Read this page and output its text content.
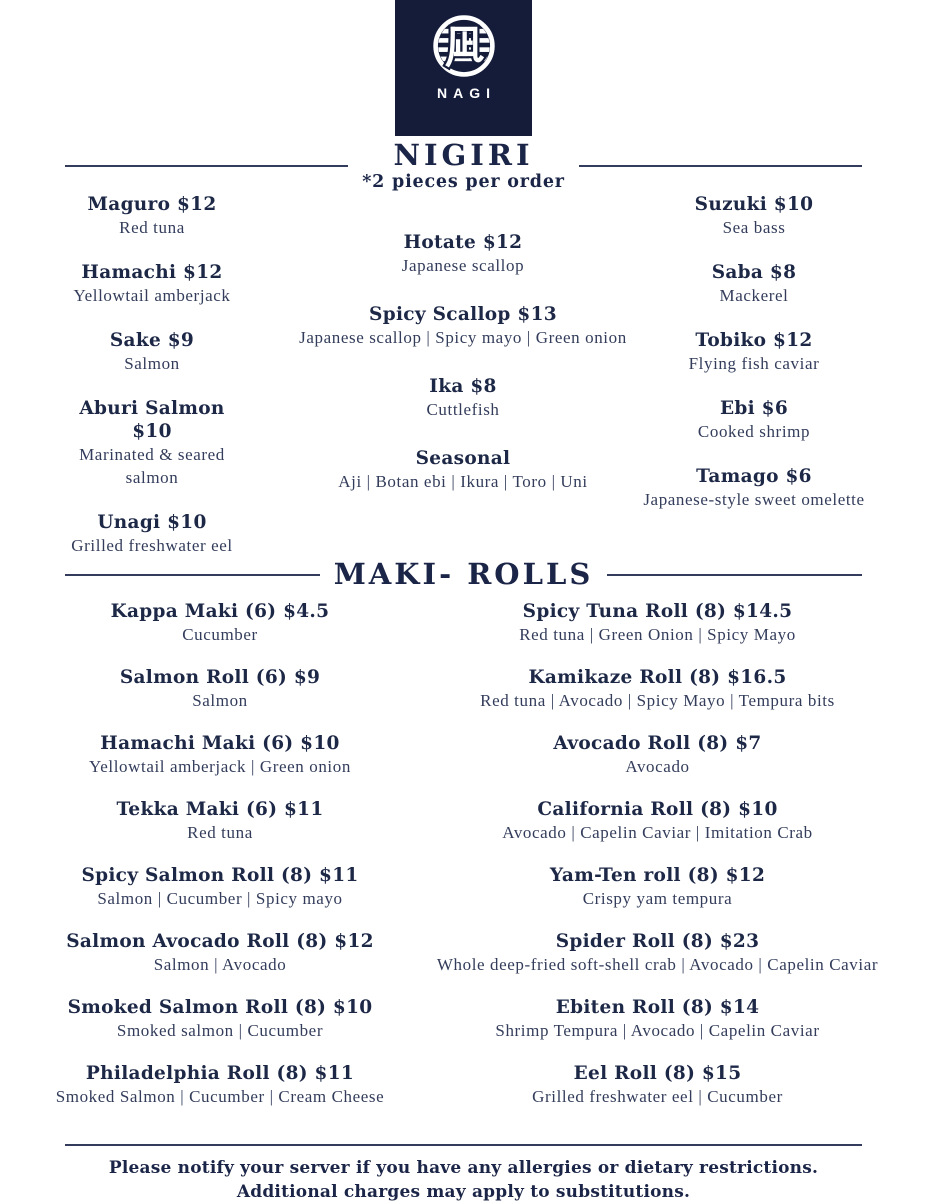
NAGI
NIGIRI
*2 pieces per order
Maguro $12
Red tuna
Hamachi $12
Yellowtail amberjack
Sake $9
Salmon
Aburi Salmon $10
Marinated & seared salmon
Unagi $10
Grilled freshwater eel
Hotate $12
Japanese scallop
Spicy Scallop $13
Japanese scallop | Spicy mayo | Green onion
Ika $8
Cuttlefish
Seasonal
Aji | Botan ebi | Ikura | Toro | Uni
Suzuki $10
Sea bass
Saba $8
Mackerel
Tobiko $12
Flying fish caviar
Ebi $6
Cooked shrimp
Tamago $6
Japanese-style sweet omelette
MAKI- ROLLS
Kappa Maki (6) $4.5
Cucumber
Salmon Roll (6) $9
Salmon
Hamachi Maki (6) $10
Yellowtail amberjack | Green onion
Tekka Maki (6) $11
Red tuna
Spicy Salmon Roll (8) $11
Salmon | Cucumber | Spicy mayo
Salmon Avocado Roll (8) $12
Salmon | Avocado
Smoked Salmon Roll (8) $10
Smoked salmon | Cucumber
Philadelphia Roll (8) $11
Smoked Salmon | Cucumber | Cream Cheese
Spicy Tuna Roll (8) $14.5
Red tuna | Green Onion | Spicy Mayo
Kamikaze Roll (8) $16.5
Red tuna | Avocado | Spicy Mayo | Tempura bits
Avocado Roll (8) $7
Avocado
California Roll (8) $10
Avocado | Capelin Caviar | Imitation Crab
Yam-Ten roll (8) $12
Crispy yam tempura
Spider Roll (8) $23
Whole deep-fried soft-shell crab | Avocado | Capelin Caviar
Ebiten Roll (8) $14
Shrimp Tempura | Avocado | Capelin Caviar
Eel Roll (8) $15
Grilled freshwater eel | Cucumber
Please notify your server if you have any allergies or dietary restrictions.
Additional charges may apply to substitutions.
